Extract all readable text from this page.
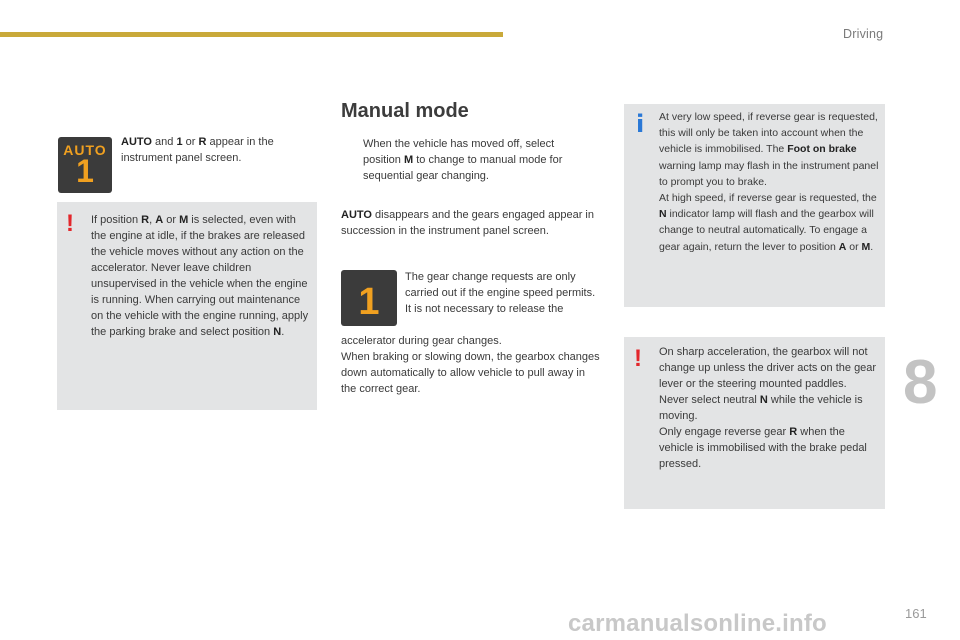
Driving
8
161
carmanualsonline.info
AUTO
1
AUTO and 1 or R appear in the instrument panel screen.
! If position R, A or M is selected, even with the engine at idle, if the brakes are released the vehicle moves without any action on the accelerator. Never leave children unsupervised in the vehicle when the engine is running. When carrying out maintenance on the vehicle with the engine running, apply the parking brake and select position N.
Manual mode
When the vehicle has moved off, select position M to change to manual mode for sequential gear changing.
AUTO disappears and the gears engaged appear in succession in the instrument panel screen.
1
The gear change requests are only carried out if the engine speed permits.
It is not necessary to release the
accelerator during gear changes.
When braking or slowing down, the gearbox changes down automatically to allow vehicle to pull away in the correct gear.
i At very low speed, if reverse gear is requested, this will only be taken into account when the vehicle is immobilised. The Foot on brake warning lamp may flash in the instrument panel to prompt you to brake.
At high speed, if reverse gear is requested, the N indicator lamp will flash and the gearbox will change to neutral automatically. To engage a gear again, return the lever to position A or M.
! On sharp acceleration, the gearbox will not change up unless the driver acts on the gear lever or the steering mounted paddles.
Never select neutral N while the vehicle is moving.
Only engage reverse gear R when the vehicle is immobilised with the brake pedal pressed.
